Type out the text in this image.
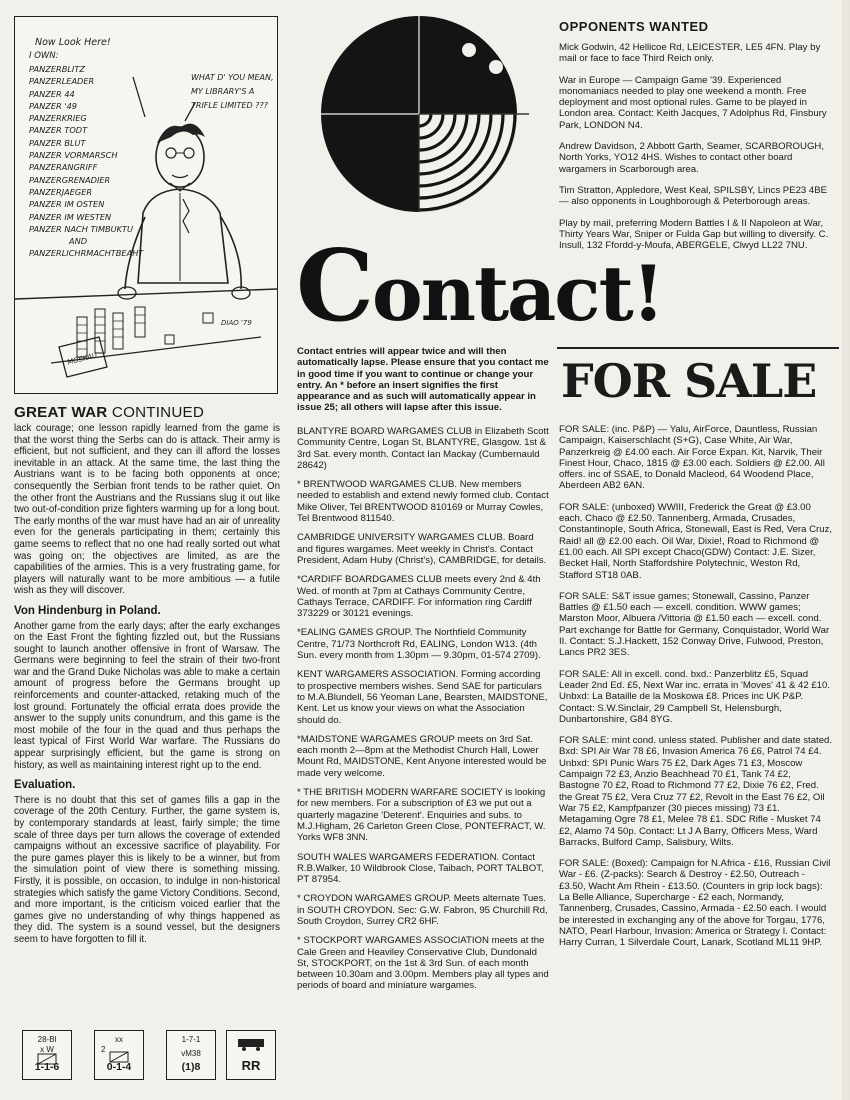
Now Look Here!
I OWN:
PANZERBLITZ
PANZERLEADER
PANZER 44
PANZER '49
PANZERKRIEG
PANZER TODT
PANZER BLUT
PANZER VORMARSCH
PANZERANGRIFF
PANZERGRENADIER
PANZERJAEGER
PANZER IM OSTEN
PANZER IM WESTEN
PANZER NACH TIMBUKTU
AND
PANZERLICHRMACHTBEAHT
WHAT D' YOU MEAN,
MY LIBRARY'S A
TRIFLE LIMITED ???
MOSKAU
DIAO '79
GREAT WAR CONTINUED

lack courage; one lesson rapidly learned from the game is that the worst thing the Serbs can do is attack. Their army is efficient, but not sufficient, and they can ill afford the losses inevitable in an attack. At the same time, the last thing the Austrians want is to be facing both opponents at once; consequently the Serbian front tends to be rather quiet. On the other front the Austrians and the Russians slug it out like two out-of-condition prize fighters warming up for a long bout. The early months of the war must have had an air of unreality even for the generals participating in them; certainly this game seems to reflect that no one had really sorted out what was going on; the objectives are limited, as are the capabilities of the armies. This is a very frustrating game, for players will naturally want to be more ambitious — a futile wish as they will discover.

Von Hindenburg in Poland.

Another game from the early days; after the early exchanges on the East Front the fighting fizzled out, but the Russians sought to launch another offensive in front of Warsaw. The Germans were beginning to feel the strain of their two-front war and the Grand Duke Nicholas was able to make a certain amount of progress before the Germans brought up reinforcements and counter-attacked, retaking much of the lost ground. Fortunately the official errata does provide the answer to the supply units conundrum, and this game is the most mobile of the four in the quad and thus perhaps the least typical of First World War warfare. The Russians do appear surprisingly efficient, but the game is strong on history, as well as maintaining interest right up to the end.

Evaluation.

There is no doubt that this set of games fills a gap in the coverage of the 20th Century. Further, the game system is, by contemporary standards at least, fairly simple; the time scale of three days per turn allows the coverage of extended campaigns without an excessive sacrifice of playability. For the pure games player this is likely to be a winner, but from the simulation point of view there is something missing. Firstly, it is possible, on occasion, to indulge in non-historical strategies which satisfy the game Victory Conditions. Second, and more important, is the criticism voiced earlier that the games give no understanding of why things happened as they did. The system is a sound vessel, but the designers seem to have forgotten to fill it.

28-Bl
x W
1-1-6
xx
2
0-1-4
1-7-1
vM38
(1)8	RR
Contact!
Contact entries will appear twice and will then automatically lapse. Please ensure that you contact me in good time if you want to continue or change your entry. An * before an insert signifies the first appearance and as such will automatically appear in issue 25; all others will lapse after this issue.

BLANTYRE BOARD WARGAMES CLUB in Elizabeth Scott Community Centre, Logan St, BLANTYRE, Glasgow. 1st & 3rd Sat. every month. Contact Ian Mackay (Cumbernauld 28642)

* BRENTWOOD WARGAMES CLUB. New members needed to establish and extend newly formed club. Contact Mike Oliver, Tel BRENTWOOD 810169 or Murray Cowles, Tel Brentwood 811540.

CAMBRIDGE UNIVERSITY WARGAMES CLUB. Board and figures wargames. Meet weekly in Christ's. Contact President, Adam Huby (Christ's), CAMBRIDGE, for details.

*CARDIFF BOARDGAMES CLUB meets every 2nd & 4th Wed. of month at 7pm at Cathays Community Centre, Cathays Terrace, CARDIFF. For information ring Cardiff 373229 or 30121 evenings.

*EALING GAMES GROUP. The Northfield Community Centre, 71/73 Northcroft Rd, EALING, London W13. (4th Sun. every month from 1.30pm — 9.30pm, 01-574 2709).

KENT WARGAMERS ASSOCIATION. Forming according to prospective members wishes. Send SAE for particulars to M.A.Blundell, 56 Yeoman Lane, Bearsten, MAIDSTONE, Kent. Let us know your views on what the Association should do.

*MAIDSTONE WARGAMES GROUP meets on 3rd Sat. each month 2—8pm at the Methodist Church Hall, Lower Mount Rd, MAIDSTONE, Kent Anyone interested would be made very welcome.

* THE BRITISH MODERN WARFARE SOCIETY is looking for new members. For a subscription of £3 we put out a quarterly magazine 'Deterent'. Enquiries and subs. to M.J.Higham, 26 Carleton Green Close, PONTEFRACT, W. Yorks WF8 3NN.

SOUTH WALES WARGAMERS FEDERATION. Contact R.B.Walker, 10 Wildbrook Close, Taibach, PORT TALBOT, PT 87954.

* CROYDON WARGAMES GROUP. Meets alternate Tues. in SOUTH CROYDON. Sec: G.W. Fabron, 95 Churchill Rd, South Croydon, Surrey CR2 6HF.

* STOCKPORT WARGAMES ASSOCIATION meets at the Cale Green and Heaviley Conservative Club, Dundonald St, STOCKPORT, on the 1st & 3rd Sun. of each month between 10.30am and 3.00pm. Members play all types and periods of board and miniature wargames.

OPPONENTS WANTED

Mick Godwin, 42 Hellicoe Rd, LEICESTER, LE5 4FN. Play by mail or face to face Third Reich only.

War in Europe — Campaign Game '39. Experienced monomaniacs needed to play one weekend a month. Free deployment and most optional rules. Game to be played in London area. Contact: Keith Jacques, 7 Adolphus Rd, Finsbury Park, LONDON N4.

Andrew Davidson, 2 Abbott Garth, Seamer, SCARBOROUGH, North Yorks, YO12 4HS. Wishes to contact other board wargamers in Scarborough area.

Tim Stratton, Appledore, West Keal, SPILSBY, Lincs PE23 4BE — also opponents in Loughborough & Peterborough areas.

Play by mail, preferring Modern Battles I & II Napoleon at War, Thirty Years War, Sniper or Fulda Gap but willing to diversify. C. Insull, 132 Ffordd-y-Moufa, ABERGELE, Clwyd LL22 7NU.

FOR SALE

FOR SALE: (inc. P&P) — Yalu, AirForce, Dauntless, Russian Campaign, Kaiserschlacht (S+G), Case White, Air War, Panzerkreig @ £4.00 each. Air Force Expan. Kit, Narvik, Their Finest Hour, Chaco, 1815 @ £3.00 each. Soldiers @ £2.00. All offers. inc of SSAE, to Donald Macleod, 64 Woodend Place, Aberdeen AB2 6AN.

FOR SALE: (unboxed) WWIII, Frederick the Great @ £3.00 each. Chaco @ £2.50. Tannenberg, Armada, Crusades, Constantinople, South Africa, Stonewall, East is Red, Vera Cruz, Raid! all @ £2.00 each. Oil War, Dixie!, Road to Richmond @ £1.00 each. All SPI except Chaco(GDW) Contact: J.E. Sizer, Becket Hall, North Staffordshire Polytechnic, Weston Rd, Stafford ST18 0AB.

FOR SALE: S&T issue games; Stonewall, Cassino, Panzer Battles @ £1.50 each — excell. condition. WWW games; Marston Moor, Albuera /Vittoria @ £1.50 each — excell. cond. Part exchange for Battle for Germany, Conquistador, World War II. Contact: S.J.Hackett, 152 Conway Drive, Fulwood, Preston, Lancs PR2 3ES.

FOR SALE: All in excell. cond. bxd.: Panzerblitz £5, Squad Leader 2nd Ed. £5, Next War inc. errata in 'Moves' 41 & 42 £10. Unbxd: La Bataille de la Moskowa £8. Prices inc UK P&P. Contact: S.W.Sinclair, 29 Campbell St, Helensburgh, Dunbartonshire, G84 8YG.

FOR SALE: mint cond. unless stated. Publisher and date stated. Bxd: SPI Air War 78 £6, Invasion America 76 £6, Patrol 74 £4. Unbxd: SPI Punic Wars 75 £2, Dark Ages 71 £3, Moscow Campaign 72 £3, Anzio Beachhead 70 £1, Tank 74 £2, Bastogne 70 £2, Road to Richmond 77 £2, Dixie 76 £2, Fred. the Great 75 £2, Vera Cruz 77 £2, Revolt in the East 76 £2, Oil War 75 £2, Kampfpanzer (30 pieces missing) 73 £1. Metagaming Ogre 78 £1, Melee 78 £1. SDC Rifle - Musket 74 £2, Alamo 74 50p. Contact: Lt J A Barry, Officers Mess, Ward Barracks, Bulford Camp, Salisbury, Wilts.

FOR SALE: (Boxed): Campaign for N.Africa - £16, Russian Civil War - £6. (Z-packs): Search & Destroy - £2.50, Outreach - £3.50, Wacht Am Rhein - £13.50. (Counters in grip lock bags): La Belle Alliance, Supercharge - £2 each, Normandy, Tannenberg, Crusades, Cassino, Armada - £2.50 each. I would be interested in exchanging any of the above for Torgau, 1776, NATO, Pearl Harbour, Invasion: America or Strategy I. Contact: Harry Curran, 1 Silverdale Court, Lanark, Scotland ML11 9HP.
